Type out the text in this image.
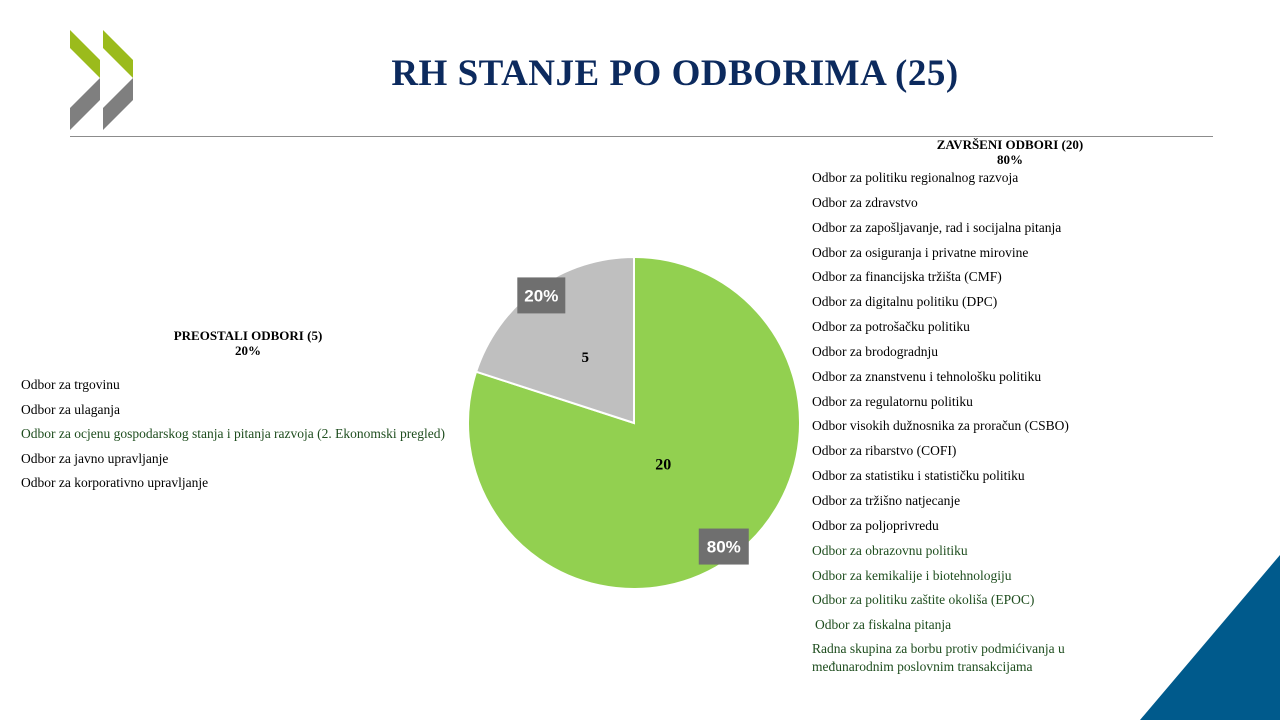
RH STANJE PO ODBORIMA (25)
ZAVRŠENI ODBORI (20)
80%
Odbor za politiku regionalnog razvoja
Odbor za zdravstvo
Odbor za zapošljavanje, rad i socijalna pitanja
Odbor za osiguranja i privatne mirovine
Odbor za financijska tržišta (CMF)
Odbor za digitalnu politiku (DPC)
Odbor za potrošačku politiku
Odbor za brodogradnju
Odbor za znanstvenu i tehnološku politiku
Odbor za regulatornu politiku
Odbor visokih dužnosnika za proračun (CSBO)
Odbor za ribarstvo (COFI)
Odbor za statistiku i statističku politiku
Odbor za tržišno natjecanje
Odbor za poljoprivredu
Odbor za obrazovnu politiku
Odbor za kemikalije i biotehnologiju
Odbor za politiku zaštite okoliša (EPOC)
Odbor za fiskalna pitanja
Radna skupina za borbu protiv podmićivanja u međunarodnim poslovnim transakcijama
PREOSTALI ODBORI (5)
20%
Odbor za trgovinu
Odbor za ulaganja
Odbor za ocjenu gospodarskog stanja i pitanja razvoja (2. Ekonomski pregled)
Odbor za javno upravljanje
Odbor za korporativno upravljanje
20
5
80%
20%
